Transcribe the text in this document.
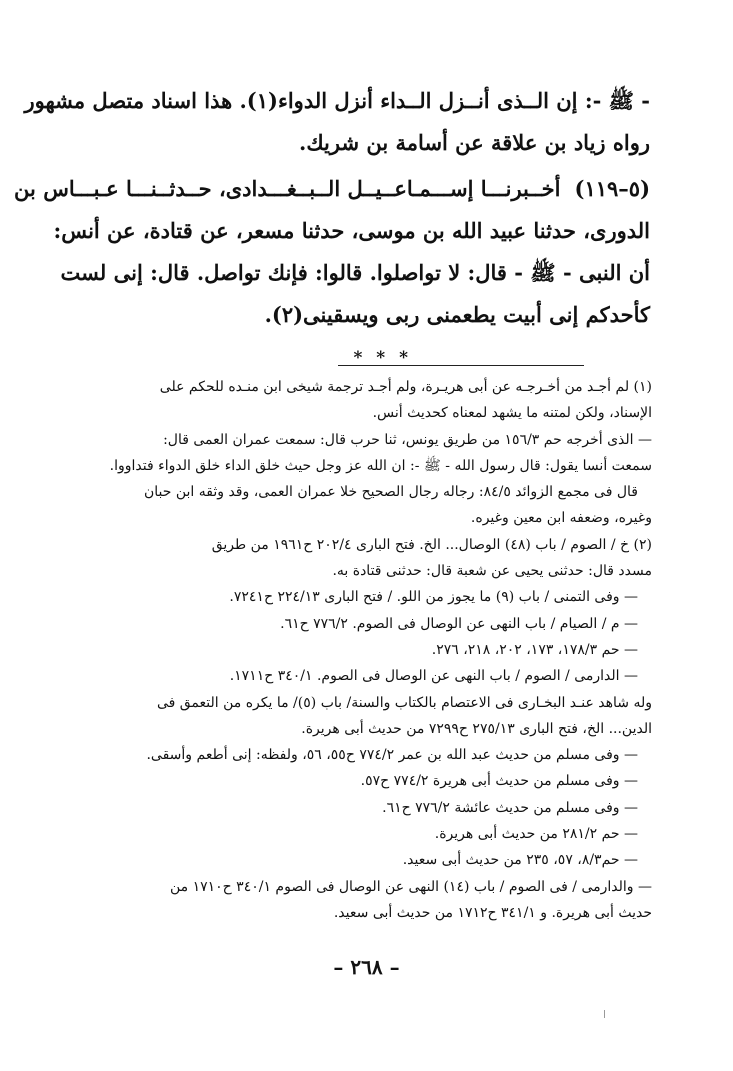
- ﷺ -: إن الــذى أنــزل الــداء أنزل الدواء(١). هذا اسناد متصل مشهور
رواه زياد بن علاقة عن أسامة بن شريك.
(٥–١١٩)أخــبرنـــا إســـمـاعــيــل الــبــغـــدادى، حــدثــنـــا عـبـــاس بن
الدورى، حدثنا عبيد الله بن موسى، حدثنا مسعر، عن قتادة، عن أنس:
أن النبى - ﷺ - قال: لا تواصلوا. قالوا: فإنك تواصل. قال: إنى لست
كأحدكم إنى أبيت يطعمنى ربى ويسقينى(٢).
* * *
(١) لم أجـد من أخـرجـه عن أبى هريـرة، ولم أجـد ترجمة شيخى ابن منـده للحكم على
الإسناد، ولكن لمتنه ما يشهد لمعناه كحديث أنس.
— الذى أخرجه حم ١٥٦/٣ من طريق يونس، ثنا حرب قال: سمعت عمران العمى قال:
سمعت أنسا يقول: قال رسول الله - ﷺ -: ان الله عز وجل حيث خلق الداء خلق الدواء فتداووا.
قال فى مجمع الزوائد ٨٤/٥: رجاله رجال الصحيح خلا عمران العمى، وقد وثقه ابن حبان
وغيره، وضعفه ابن معين وغيره.
(٢) خ / الصوم / باب (٤٨) الوصال... الخ. فتح البارى ٢٠٢/٤ ح١٩٦١ من طريق
مسدد قال: حدثنى يحيى عن شعبة قال: حدثنى قتادة به.
— وفى التمنى / باب (٩) ما يجوز من اللو. / فتح البارى ٢٢٤/١٣ ح٧٢٤١.
— م / الصيام / باب النهى عن الوصال فى الصوم. ٧٧٦/٢ ح٦١.
— حم ١٧٨/٣، ١٧٣، ٢٠٢، ٢١٨، ٢٧٦.
— الدارمى / الصوم / باب النهى عن الوصال فى الصوم. ٣٤٠/١ ح١٧١١.
وله شاهد عنـد البخـارى فى الاعتصام بالكتاب والسنة/ باب (٥)/ ما يكره من التعمق فى
الدين... الخ، فتح البارى ٢٧٥/١٣ ح٧٢٩٩ من حديث أبى هريرة.
— وفى مسلم من حديث عبد الله بن عمر ٧٧٤/٢ ح٥٥، ٥٦، ولفظه: إنى أطعم وأسقى.
— وفى مسلم من حديث أبى هريرة ٧٧٤/٢ ح٥٧.
— وفى مسلم من حديث عائشة ٧٧٦/٢ ح٦١.
— حم ٢٨١/٢ من حديث أبى هريرة.
— حم٨/٣، ٥٧، ٢٣٥ من حديث أبى سعيد.
— والدارمى / فى الصوم / باب (١٤) النهى عن الوصال فى الصوم ٣٤٠/١ ح١٧١٠ من
حديث أبى هريرة. و ٣٤١/١ ح١٧١٢ من حديث أبى سعيد.
– ٢٦٨ –
